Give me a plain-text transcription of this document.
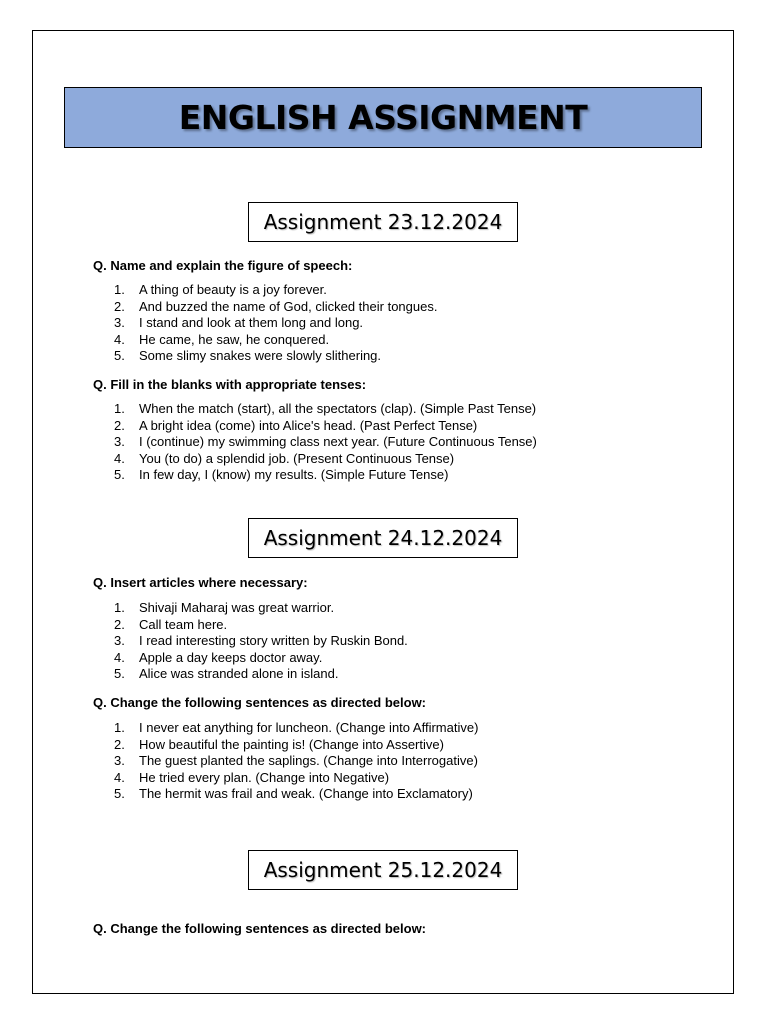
ENGLISH ASSIGNMENT
Assignment 23.12.2024

Q. Name and explain the figure of speech:

1. A thing of beauty is a joy forever.
2. And buzzed the name of God, clicked their tongues.
3. I stand and look at them long and long.
4. He came, he saw, he conquered.
5. Some slimy snakes were slowly slithering.

Q. Fill in the blanks with appropriate tenses:

1. When the match (start), all the spectators (clap). (Simple Past Tense)
2. A bright idea (come) into Alice's head. (Past Perfect Tense)
3. I (continue) my swimming class next year. (Future Continuous Tense)
4. You (to do) a splendid job. (Present Continuous Tense)
5. In few day, I (know) my results. (Simple Future Tense)
Assignment 24.12.2024

Q. Insert articles where necessary:

1. Shivaji Maharaj was great warrior.
2. Call team here.
3. I read interesting story written by Ruskin Bond.
4. Apple a day keeps doctor away.
5. Alice was stranded alone in island.

Q. Change the following sentences as directed below:

1. I never eat anything for luncheon. (Change into Affirmative)
2. How beautiful the painting is! (Change into Assertive)
3. The guest planted the saplings. (Change into Interrogative)
4. He tried every plan. (Change into Negative)
5. The hermit was frail and weak. (Change into Exclamatory)
Assignment 25.12.2024

Q. Change the following sentences as directed below:
